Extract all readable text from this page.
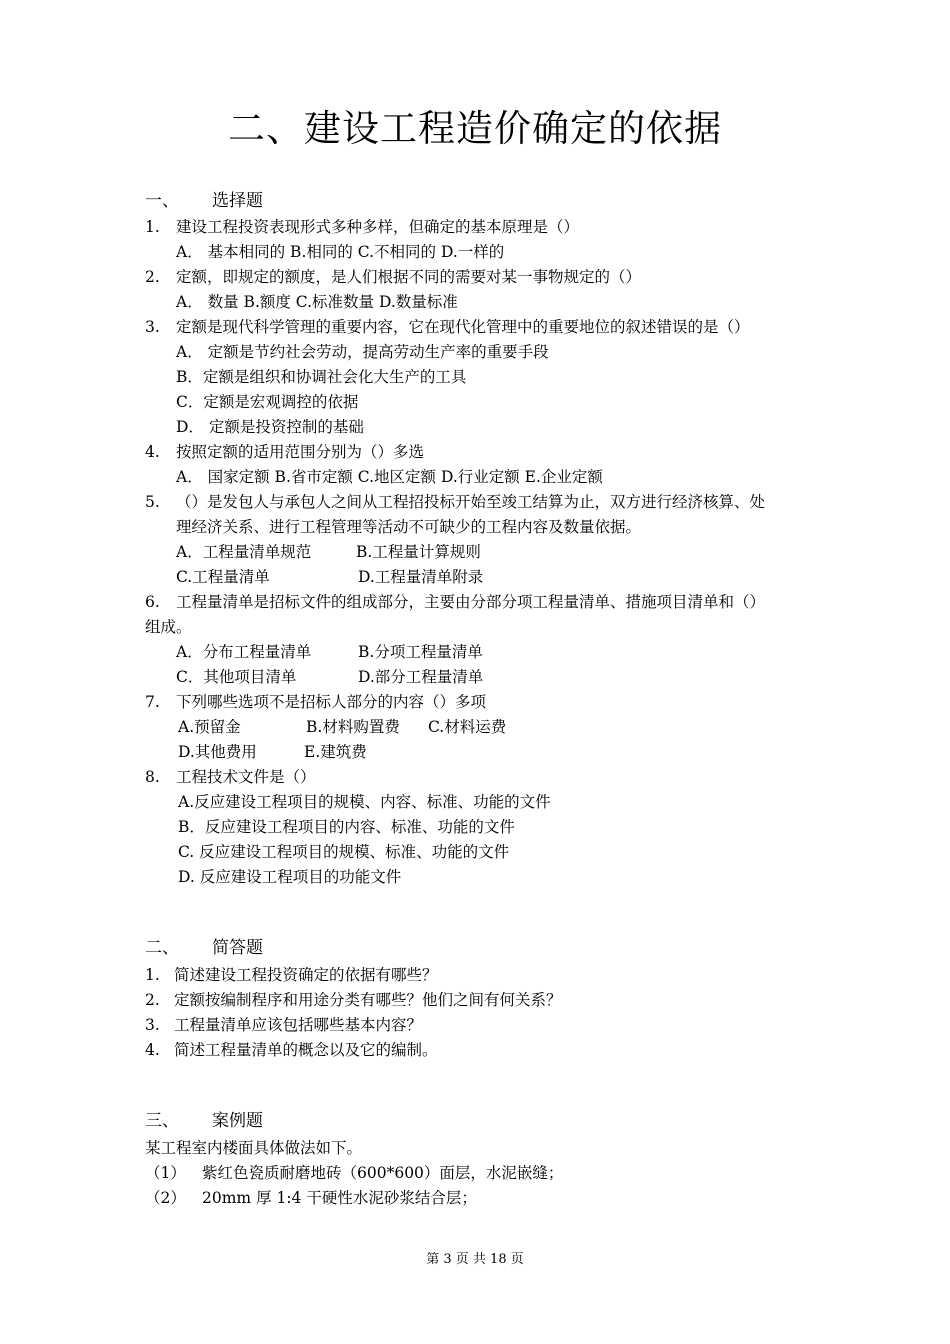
二、建设工程造价确定的依据
一、 选择题
1. 建设工程投资表现形式多种多样，但确定的基本原理是（）
A． 基本相同的 B.相同的 C.不相同的 D.一样的
2. 定额，即规定的额度，是人们根据不同的需要对某一事物规定的（）
A． 数量 B.额度 C.标准数量 D.数量标准
3. 定额是现代科学管理的重要内容，它在现代化管理中的重要地位的叙述错误的是（）
A． 定额是节约社会劳动，提高劳动生产率的重要手段
B．定额是组织和协调社会化大生产的工具
C．定额是宏观调控的依据
D． 定额是投资控制的基础
4. 按照定额的适用范围分别为（）多选
A． 国家定额 B.省市定额 C.地区定额 D.行业定额 E.企业定额
5. （）是发包人与承包人之间从工程招投标开始至竣工结算为止，双方进行经济核算、处
理经济关系、进行工程管理等活动不可缺少的工程内容及数量依据。
A．工程量清单规范	B.工程量计算规则
C.工程量清单	D.工程量清单附录
6. 工程量清单是招标文件的组成部分，主要由分部分项工程量清单、措施项目清单和（）
组成。
A．分布工程量清单	B.分项工程量清单
C．其他项目清单	D.部分工程量清单
7. 下列哪些选项不是招标人部分的内容（）多项
A.预留金	B.材料购置费 C.材料运费
D.其他费用	E.建筑费
8. 工程技术文件是（）
A.反应建设工程项目的规模、内容、标准、功能的文件
B．反应建设工程项目的内容、标准、功能的文件
C. 反应建设工程项目的规模、标准、功能的文件
D. 反应建设工程项目的功能文件
二、 简答题
1. 简述建设工程投资确定的依据有哪些？
2. 定额按编制程序和用途分类有哪些？他们之间有何关系？
3. 工程量清单应该包括哪些基本内容？
4. 简述工程量清单的概念以及它的编制。
三、 案例题
某工程室内楼面具体做法如下。
（1） 紫红色瓷质耐磨地砖（600*600）面层，水泥嵌缝；
（2） 20mm 厚 1:4 干硬性水泥砂浆结合层；
第 3 页 共 18 页
